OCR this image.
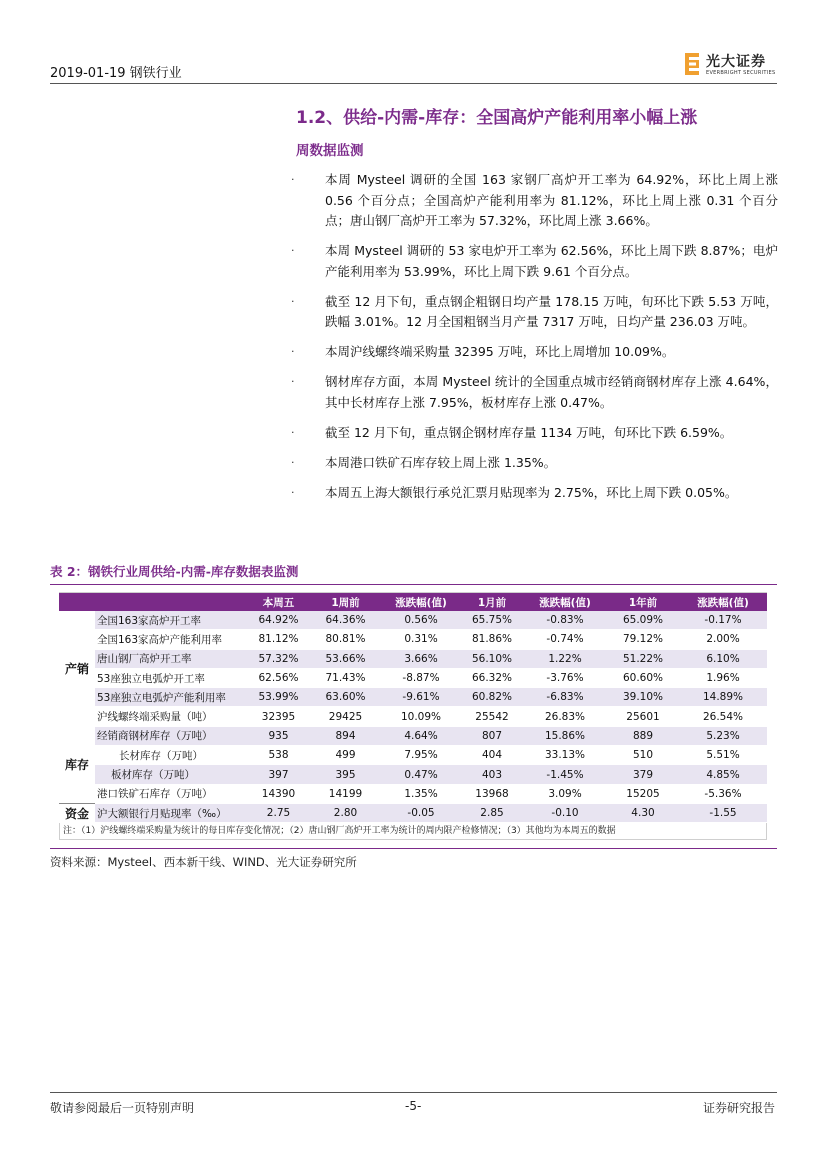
2019-01-19 钢铁行业
光大证券
EVERBRIGHT SECURITIES
1.2、供给-内需-库存：全国高炉产能利用率小幅上涨
周数据监测
· 本周 Mysteel 调研的全国 163 家钢厂高炉开工率为 64.92%，环比上周上涨 0.56 个百分点；全国高炉产能利用率为 81.12%，环比上周上涨 0.31 个百分点；唐山钢厂高炉开工率为 57.32%，环比周上涨 3.66%。
· 本周 Mysteel 调研的 53 家电炉开工率为 62.56%，环比上周下跌 8.87%；电炉产能利用率为 53.99%，环比上周下跌 9.61 个百分点。
· 截至 12 月下旬，重点钢企粗钢日均产量 178.15 万吨，旬环比下跌 5.53 万吨，跌幅 3.01%。12 月全国粗钢当月产量 7317 万吨，日均产量 236.03 万吨。
· 本周沪线螺终端采购量 32395 万吨，环比上周增加 10.09%。
· 钢材库存方面，本周 Mysteel 统计的全国重点城市经销商钢材库存上涨 4.64%，其中长材库存上涨 7.95%，板材库存上涨 0.47%。
· 截至 12 月下旬，重点钢企钢材库存量 1134 万吨，旬环比下跌 6.59%。
· 本周港口铁矿石库存较上周上涨 1.35%。
· 本周五上海大额银行承兑汇票月贴现率为 2.75%，环比上周下跌 0.05%。
表 2：钢铁行业周供给-内需-库存数据表监测
		本周五	1周前	涨跌幅(值)	1月前	涨跌幅(值)	1年前	涨跌幅(值)
产销	全国163家高炉开工率	64.92%	64.36%	0.56%	65.75%	-0.83%	65.09%	-0.17%
	全国163家高炉产能利用率	81.12%	80.81%	0.31%	81.86%	-0.74%	79.12%	2.00%
	唐山钢厂高炉开工率	57.32%	53.66%	3.66%	56.10%	1.22%	51.22%	6.10%
	53座独立电弧炉开工率	62.56%	71.43%	-8.87%	66.32%	-3.76%	60.60%	1.96%
	53座独立电弧炉产能利用率	53.99%	63.60%	-9.61%	60.82%	-6.83%	39.10%	14.89%
	沪线螺终端采购量（吨）	32395	29425	10.09%	25542	26.83%	25601	26.54%
库存	经销商钢材库存（万吨）	935	894	4.64%	807	15.86%	889	5.23%
	长材库存（万吨）	538	499	7.95%	404	33.13%	510	5.51%
	板材库存（万吨）	397	395	0.47%	403	-1.45%	379	4.85%
	港口铁矿石库存（万吨）	14390	14199	1.35%	13968	3.09%	15205	-5.36%
资金	沪大额银行月贴现率（‰）	2.75	2.80	-0.05	2.85	-0.10	4.30	-1.55
注：（1）沪线螺终端采购量为统计的每日库存变化情况；（2）唐山钢厂高炉开工率为统计的周内限产检修情况；（3）其他均为本周五的数据
资料来源：Mysteel、西本新干线、WIND、光大证券研究所
敬请参阅最后一页特别声明	-5-	证券研究报告
